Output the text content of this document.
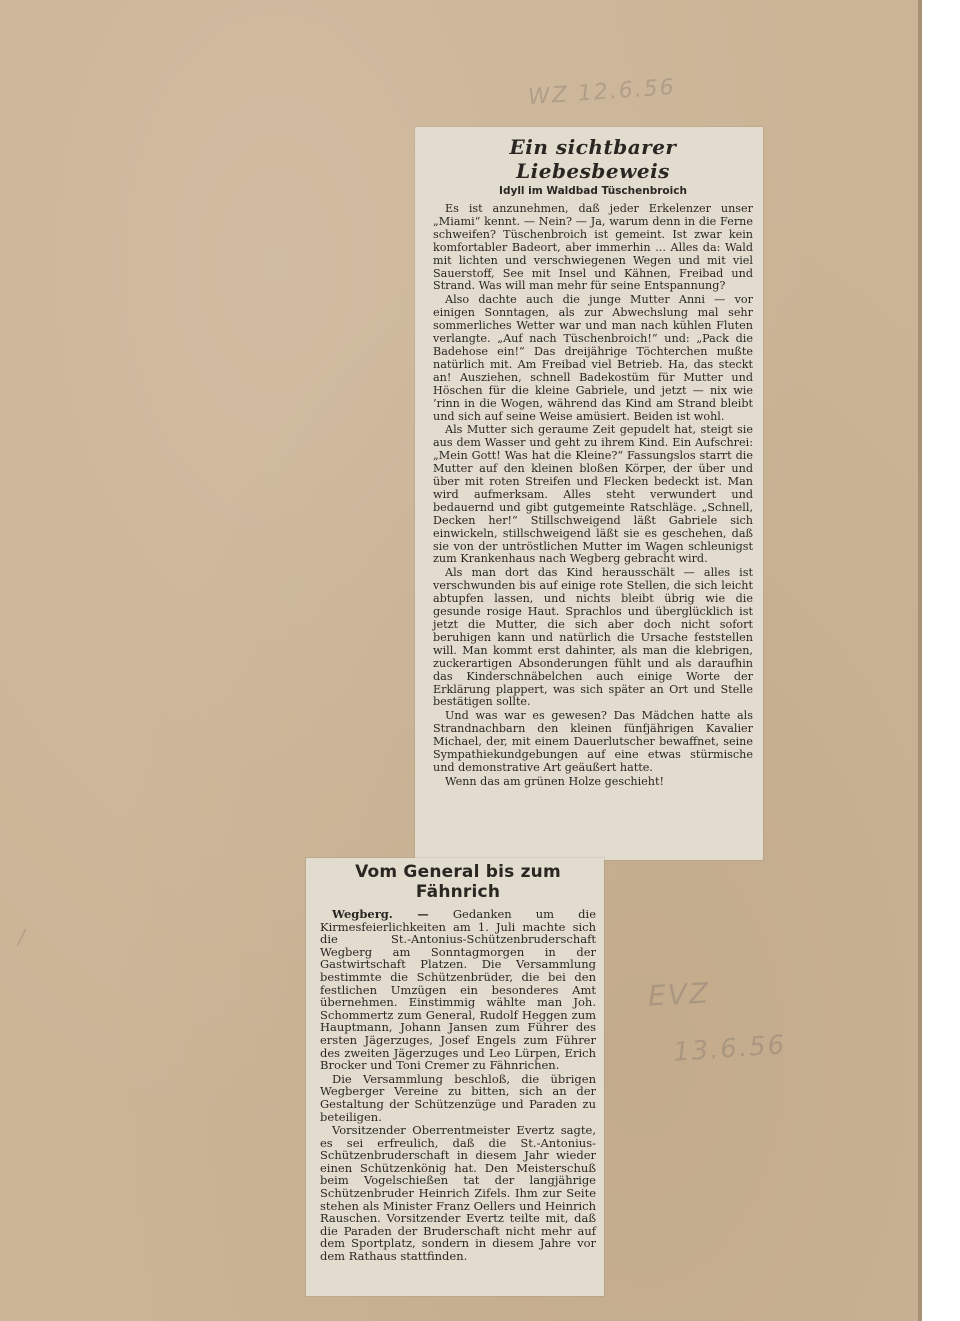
WZ 12.6.56
EVZ
13.6.56
/
Ein sichtbarer Liebesbeweis
Idyll im Waldbad Tüschenbroich

Es ist anzunehmen, daß jeder Erkelenzer unser „Miami“ kennt. — Nein? — Ja, warum denn in die Ferne schweifen? Tüschenbroich ist gemeint. Ist zwar kein komfortabler Badeort, aber immerhin ... Alles da: Wald mit lichten und verschwiegenen Wegen und mit viel Sauerstoff, See mit Insel und Kähnen, Freibad und Strand. Was will man mehr für seine Entspannung?

Also dachte auch die junge Mutter Anni — vor einigen Sonntagen, als zur Abwechslung mal sehr sommerliches Wetter war und man nach kühlen Fluten verlangte. „Auf nach Tüschenbroich!“ und: „Pack die Badehose ein!“ Das dreijährige Töchterchen mußte natürlich mit. Am Freibad viel Betrieb. Ha, das steckt an! Ausziehen, schnell Badekostüm für Mutter und Höschen für die kleine Gabriele, und jetzt — nix wie ’rinn in die Wogen, während das Kind am Strand bleibt und sich auf seine Weise amüsiert. Beiden ist wohl.

Als Mutter sich geraume Zeit gepudelt hat, steigt sie aus dem Wasser und geht zu ihrem Kind. Ein Aufschrei: „Mein Gott! Was hat die Kleine?“ Fassungslos starrt die Mutter auf den kleinen bloßen Körper, der über und über mit roten Streifen und Flecken bedeckt ist. Man wird aufmerksam. Alles steht verwundert und bedauernd und gibt gutgemeinte Ratschläge. „Schnell, Decken her!“ Stillschweigend läßt Gabriele sich einwickeln, stillschweigend läßt sie es geschehen, daß sie von der untröstlichen Mutter im Wagen schleunigst zum Krankenhaus nach Wegberg gebracht wird.

Als man dort das Kind herausschält — alles ist verschwunden bis auf einige rote Stellen, die sich leicht abtupfen lassen, und nichts bleibt übrig wie die gesunde rosige Haut. Sprachlos und überglücklich ist jetzt die Mutter, die sich aber doch nicht sofort beruhigen kann und natürlich die Ursache feststellen will. Man kommt erst dahinter, als man die klebrigen, zuckerartigen Absonderungen fühlt und als daraufhin das Kinderschnäbelchen auch einige Worte der Erklärung plappert, was sich später an Ort und Stelle bestätigen sollte.

Und was war es gewesen? Das Mädchen hatte als Strandnachbarn den kleinen fünfjährigen Kavalier Michael, der, mit einem Dauerlutscher bewaffnet, seine Sympathiekundgebungen auf eine etwas stürmische und demonstrative Art geäußert hatte.

Wenn das am grünen Holze geschieht!

Vom General bis zum Fähnrich

Wegberg. — Gedanken um die Kirmesfeierlichkeiten am 1. Juli machte sich die St.-Antonius-Schützenbruderschaft Wegberg am Sonntagmorgen in der Gastwirtschaft Platzen. Die Versammlung bestimmte die Schützenbrüder, die bei den festlichen Umzügen ein besonderes Amt übernehmen. Einstimmig wählte man Joh. Schommertz zum General, Rudolf Heggen zum Hauptmann, Johann Jansen zum Führer des ersten Jägerzuges, Josef Engels zum Führer des zweiten Jägerzuges und Leo Lürpen, Erich Brocker und Toni Cremer zu Fähnrichen.

Die Versammlung beschloß, die übrigen Wegberger Vereine zu bitten, sich an der Gestaltung der Schützenzüge und Paraden zu beteiligen.

Vorsitzender Oberrentmeister Evertz sagte, es sei erfreulich, daß die St.-Antonius-Schützenbruderschaft in diesem Jahr wieder einen Schützenkönig hat. Den Meisterschuß beim Vogelschießen tat der langjährige Schützenbruder Heinrich Zifels. Ihm zur Seite stehen als Minister Franz Oellers und Heinrich Rauschen. Vorsitzender Evertz teilte mit, daß die Paraden der Bruderschaft nicht mehr auf dem Sportplatz, sondern in diesem Jahre vor dem Rathaus stattfinden.
